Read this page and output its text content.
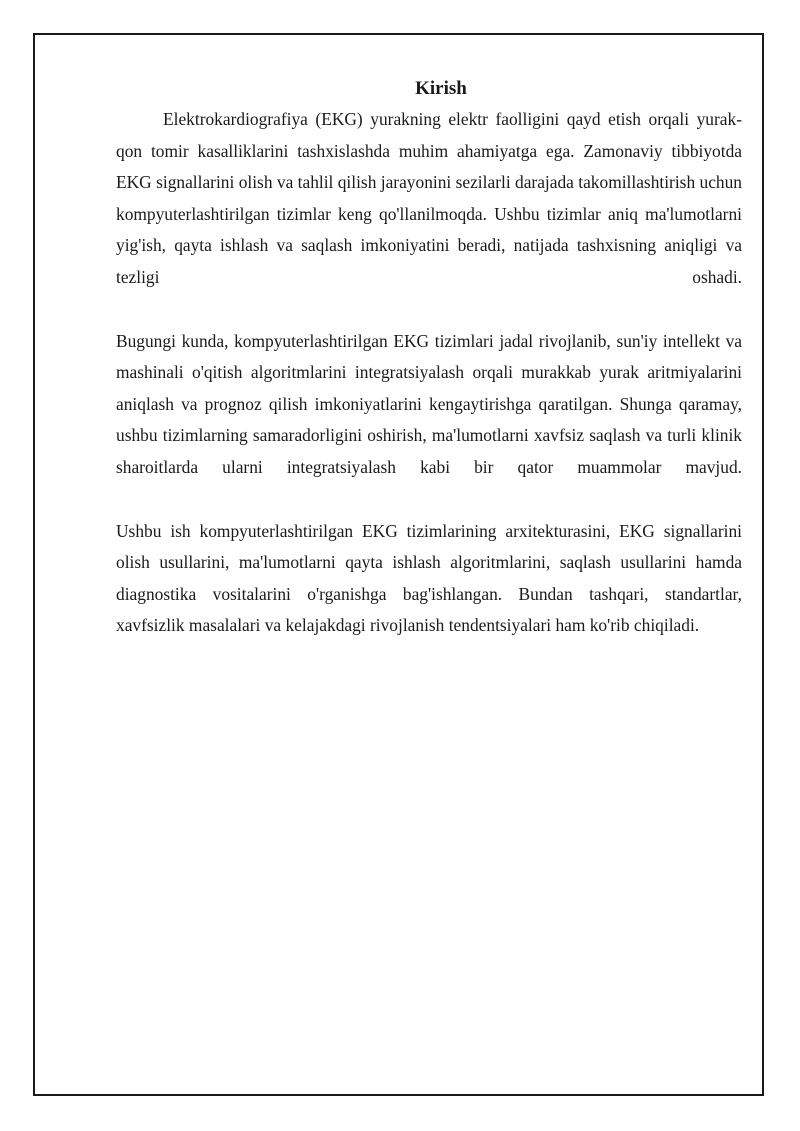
Kirish

Elektrokardiografiya (EKG) yurakning elektr faolligini qayd etish orqali yurak-qon tomir kasalliklarini tashxislashda muhim ahamiyatga ega. Zamonaviy tibbiyotda EKG signallarini olish va tahlil qilish jarayonini sezilarli darajada takomillashtirish uchun kompyuterlashtirilgan tizimlar keng qo'llanilmoqda. Ushbu tizimlar aniq ma'lumotlarni yig'ish, qayta ishlash va saqlash imkoniyatini beradi, natijada tashxisning aniqligi va tezligi oshadi.

Bugungi kunda, kompyuterlashtirilgan EKG tizimlari jadal rivojlanib, sun'iy intellekt va mashinali o'qitish algoritmlarini integratsiyalash orqali murakkab yurak aritmiyalarini aniqlash va prognoz qilish imkoniyatlarini kengaytirishga qaratilgan. Shunga qaramay, ushbu tizimlarning samaradorligini oshirish, ma'lumotlarni xavfsiz saqlash va turli klinik sharoitlarda ularni integratsiyalash kabi bir qator muammolar mavjud.

Ushbu ish kompyuterlashtirilgan EKG tizimlarining arxitekturasini, EKG signallarini olish usullarini, ma'lumotlarni qayta ishlash algoritmlarini, saqlash usullarini hamda diagnostika vositalarini o'rganishga bag'ishlangan. Bundan tashqari, standartlar, xavfsizlik masalalari va kelajakdagi rivojlanish tendentsiyalari ham ko'rib chiqiladi.
